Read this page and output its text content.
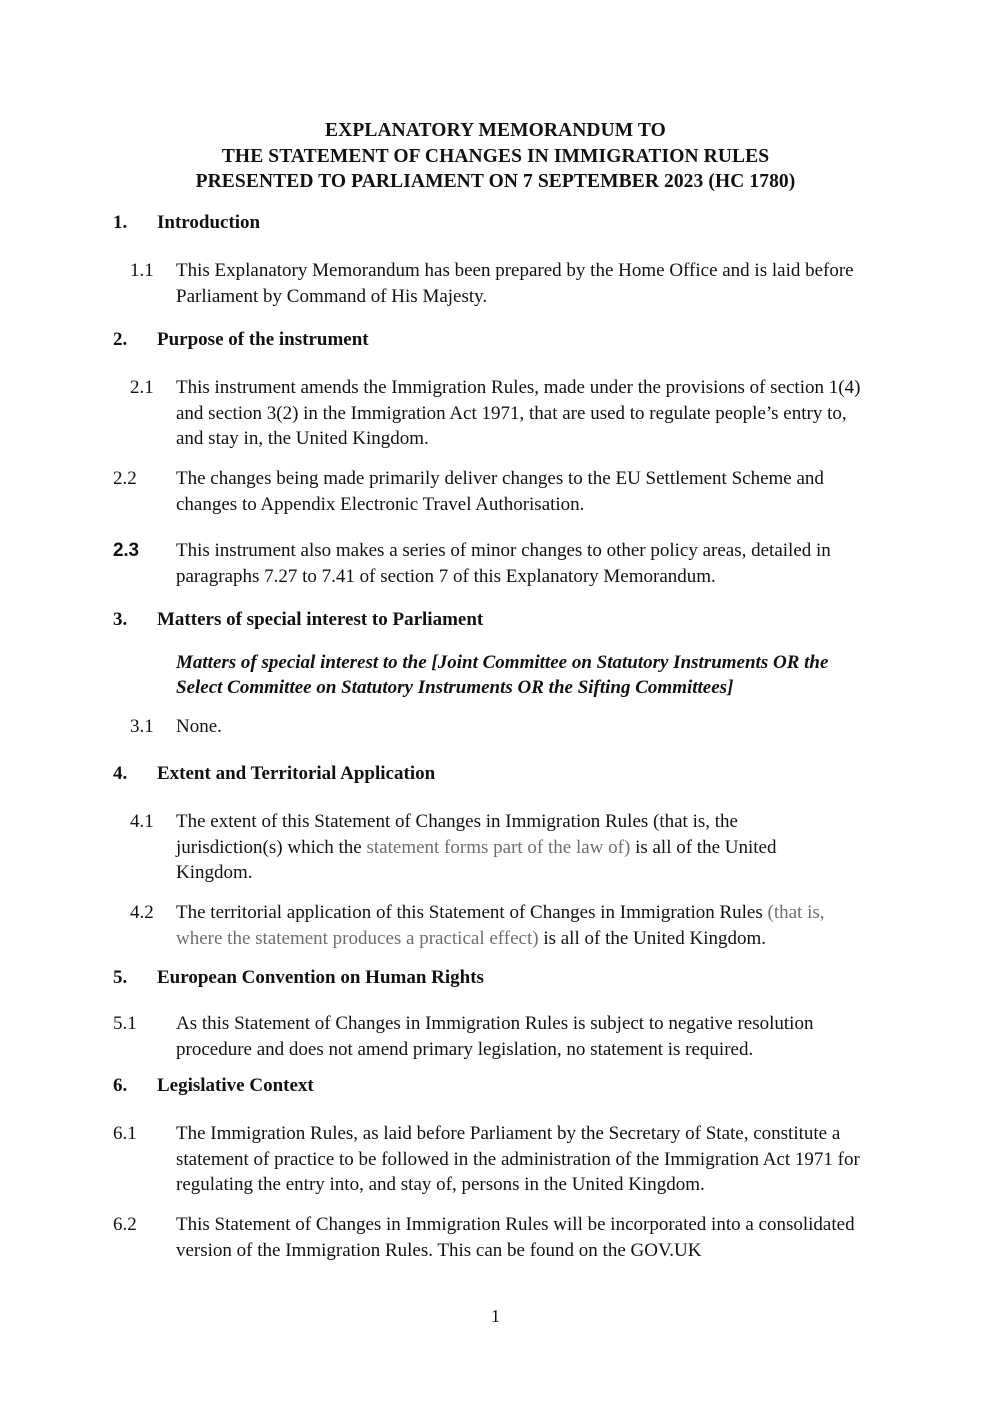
EXPLANATORY MEMORANDUM TO
THE STATEMENT OF CHANGES IN IMMIGRATION RULES
PRESENTED TO PARLIAMENT ON 7 SEPTEMBER 2023 (HC 1780)
1. Introduction
1.1 This Explanatory Memorandum has been prepared by the Home Office and is laid before Parliament by Command of His Majesty.
2. Purpose of the instrument
2.1 This instrument amends the Immigration Rules, made under the provisions of section 1(4) and section 3(2) in the Immigration Act 1971, that are used to regulate people’s entry to, and stay in, the United Kingdom.
2.2 The changes being made primarily deliver changes to the EU Settlement Scheme and changes to Appendix Electronic Travel Authorisation.
2.3 This instrument also makes a series of minor changes to other policy areas, detailed in paragraphs 7.27 to 7.41 of section 7 of this Explanatory Memorandum.
3. Matters of special interest to Parliament
Matters of special interest to the [Joint Committee on Statutory Instruments OR the Select Committee on Statutory Instruments OR the Sifting Committees]
3.1 None.
4. Extent and Territorial Application
4.1 The extent of this Statement of Changes in Immigration Rules (that is, the jurisdiction(s) which the statement forms part of the law of) is all of the United Kingdom.
4.2 The territorial application of this Statement of Changes in Immigration Rules (that is, where the statement produces a practical effect) is all of the United Kingdom.
5. European Convention on Human Rights
5.1 As this Statement of Changes in Immigration Rules is subject to negative resolution procedure and does not amend primary legislation, no statement is required.
6. Legislative Context
6.1 The Immigration Rules, as laid before Parliament by the Secretary of State, constitute a statement of practice to be followed in the administration of the Immigration Act 1971 for regulating the entry into, and stay of, persons in the United Kingdom.
6.2 This Statement of Changes in Immigration Rules will be incorporated into a consolidated version of the Immigration Rules. This can be found on the GOV.UK
1
